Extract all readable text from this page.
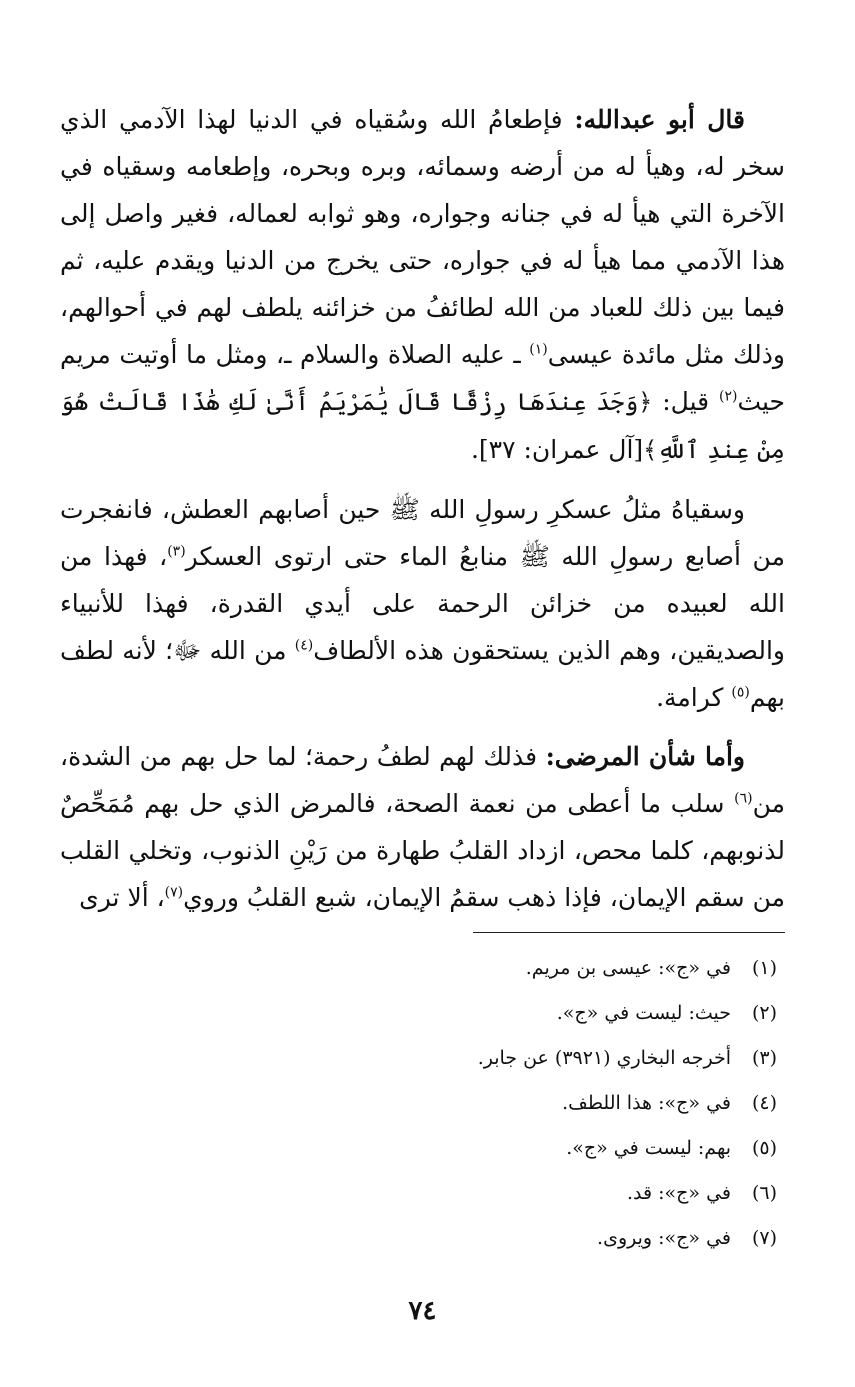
قال أبو عبدالله: فإطعامُ الله وسُقياه في الدنيا لهذا الآدمي الذي سخر له، وهيأ له من أرضه وسمائه، وبره وبحره، وإطعامه وسقياه في الآخرة التي هيأ له في جنانه وجواره، وهو ثوابه لعماله، فغير واصل إلى هذا الآدمي مما هيأ له في جواره، حتى يخرج من الدنيا ويقدم عليه، ثم فيما بين ذلك للعباد من الله لطائفُ من خزائنه يلطف لهم في أحوالهم، وذلك مثل مائدة عيسى$^{(١)}$ ـ عليه الصلاة والسلام ـ، ومثل ما أوتيت مريم حيث$^{(٢)}$ قيل: ﴿وَجَدَ عِندَهَا رِزْقًا قَالَ يَٰمَرْيَمُ أَنَّىٰ لَكِ هَٰذَا قَالَتْ هُوَ مِنْ عِندِ ٱللَّهِ﴾[آل عمران: ٣٧].

وسقياهُ مثلُ عسكرِ رسولِ الله ﷺ حين أصابهم العطش، فانفجرت من أصابع رسولِ الله ﷺ منابعُ الماء حتى ارتوى العسكر$^{(٣)}$، فهذا من الله لعبيده من خزائن الرحمة على أيدي القدرة، فهذا للأنبياء والصديقين، وهم الذين يستحقون هذه الألطاف$^{(٤)}$ من الله ﷻ؛ لأنه لطف بهم$^{(٥)}$ كرامة.

وأما شأن المرضى: فذلك لهم لطفُ رحمة؛ لما حل بهم من الشدة، من$^{(٦)}$ سلب ما أعطى من نعمة الصحة، فالمرض الذي حل بهم مُمَحِّصٌ لذنوبهم، كلما محص، ازداد القلبُ طهارة من رَيْنِ الذنوب، وتخلي القلب من سقم الإيمان، فإذا ذهب سقمُ الإيمان، شبع القلبُ وروي$^{(٧)}$، ألا ترى

(١)
في «ج»: عيسى بن مريم.
(٢)
حيث: ليست في «ج».
(٣)
أخرجه البخاري (٣٩٢١) عن جابر.
(٤)
في «ج»: هذا اللطف.
(٥)
بهم: ليست في «ج».
(٦)
في «ج»: قد.
(٧)
في «ج»: ويروى.
٧٤
